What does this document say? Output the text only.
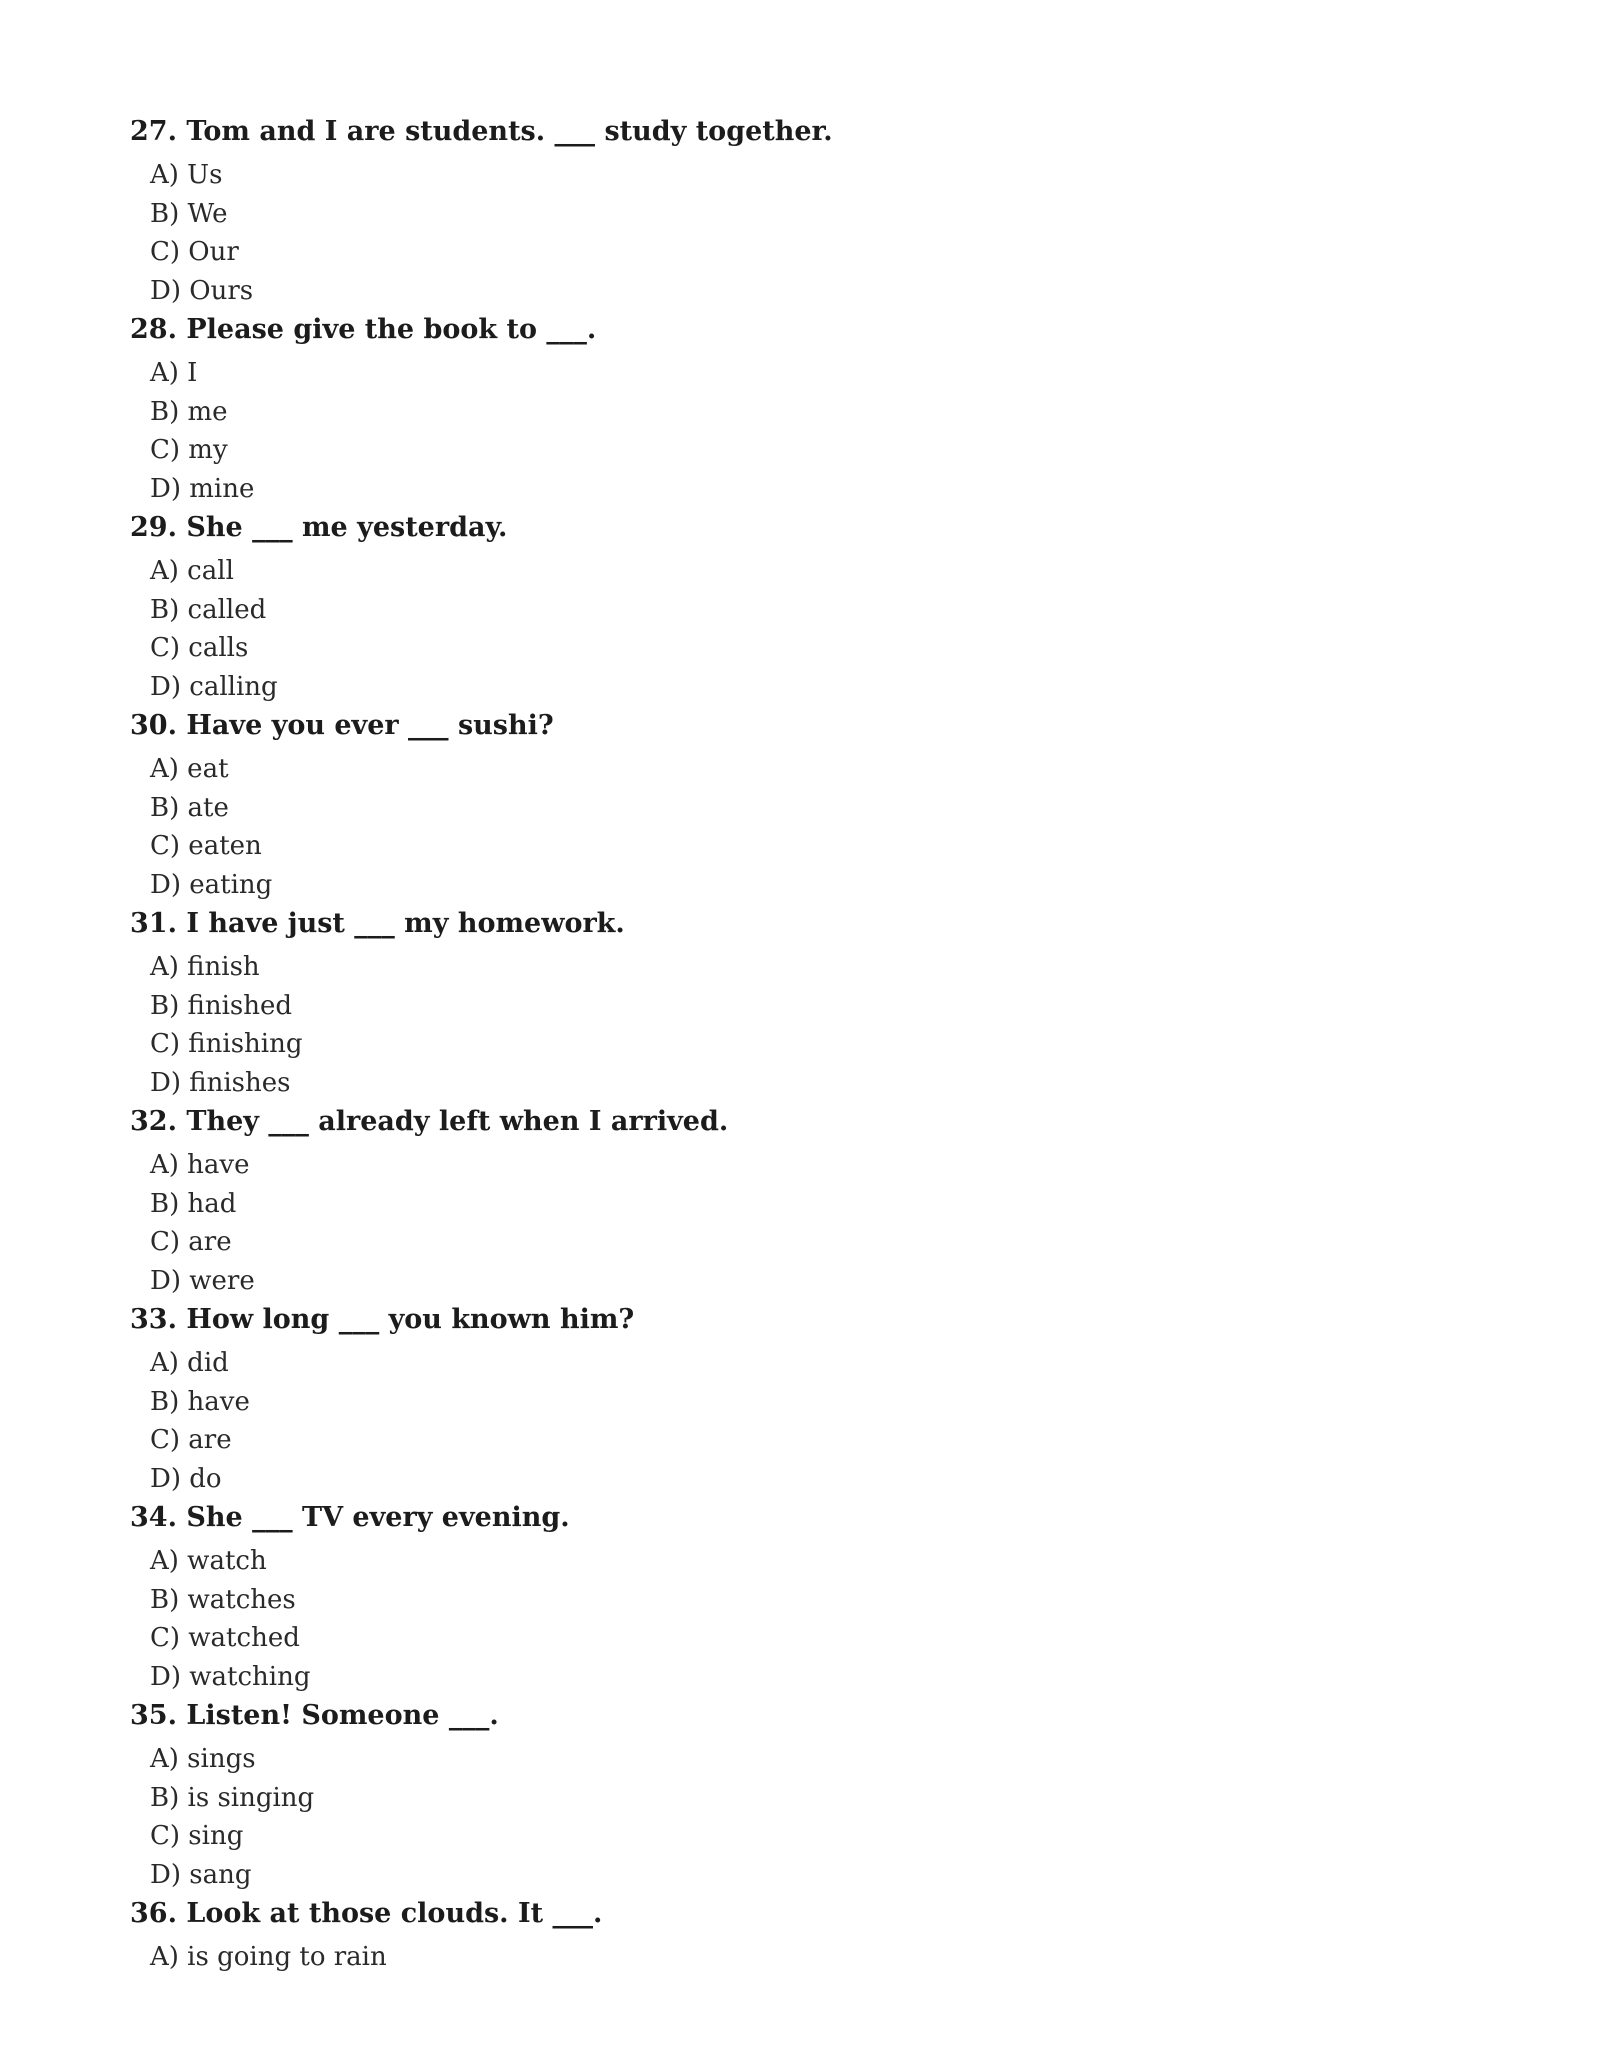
27. Tom and I are students. ___ study together.
A) Us
B) We
C) Our
D) Ours
28. Please give the book to ___.
A) I
B) me
C) my
D) mine
29. She ___ me yesterday.
A) call
B) called
C) calls
D) calling
30. Have you ever ___ sushi?
A) eat
B) ate
C) eaten
D) eating
31. I have just ___ my homework.
A) finish
B) finished
C) finishing
D) finishes
32. They ___ already left when I arrived.
A) have
B) had
C) are
D) were
33. How long ___ you known him?
A) did
B) have
C) are
D) do
34. She ___ TV every evening.
A) watch
B) watches
C) watched
D) watching
35. Listen! Someone ___.
A) sings
B) is singing
C) sing
D) sang
36. Look at those clouds. It ___.
A) is going to rain
